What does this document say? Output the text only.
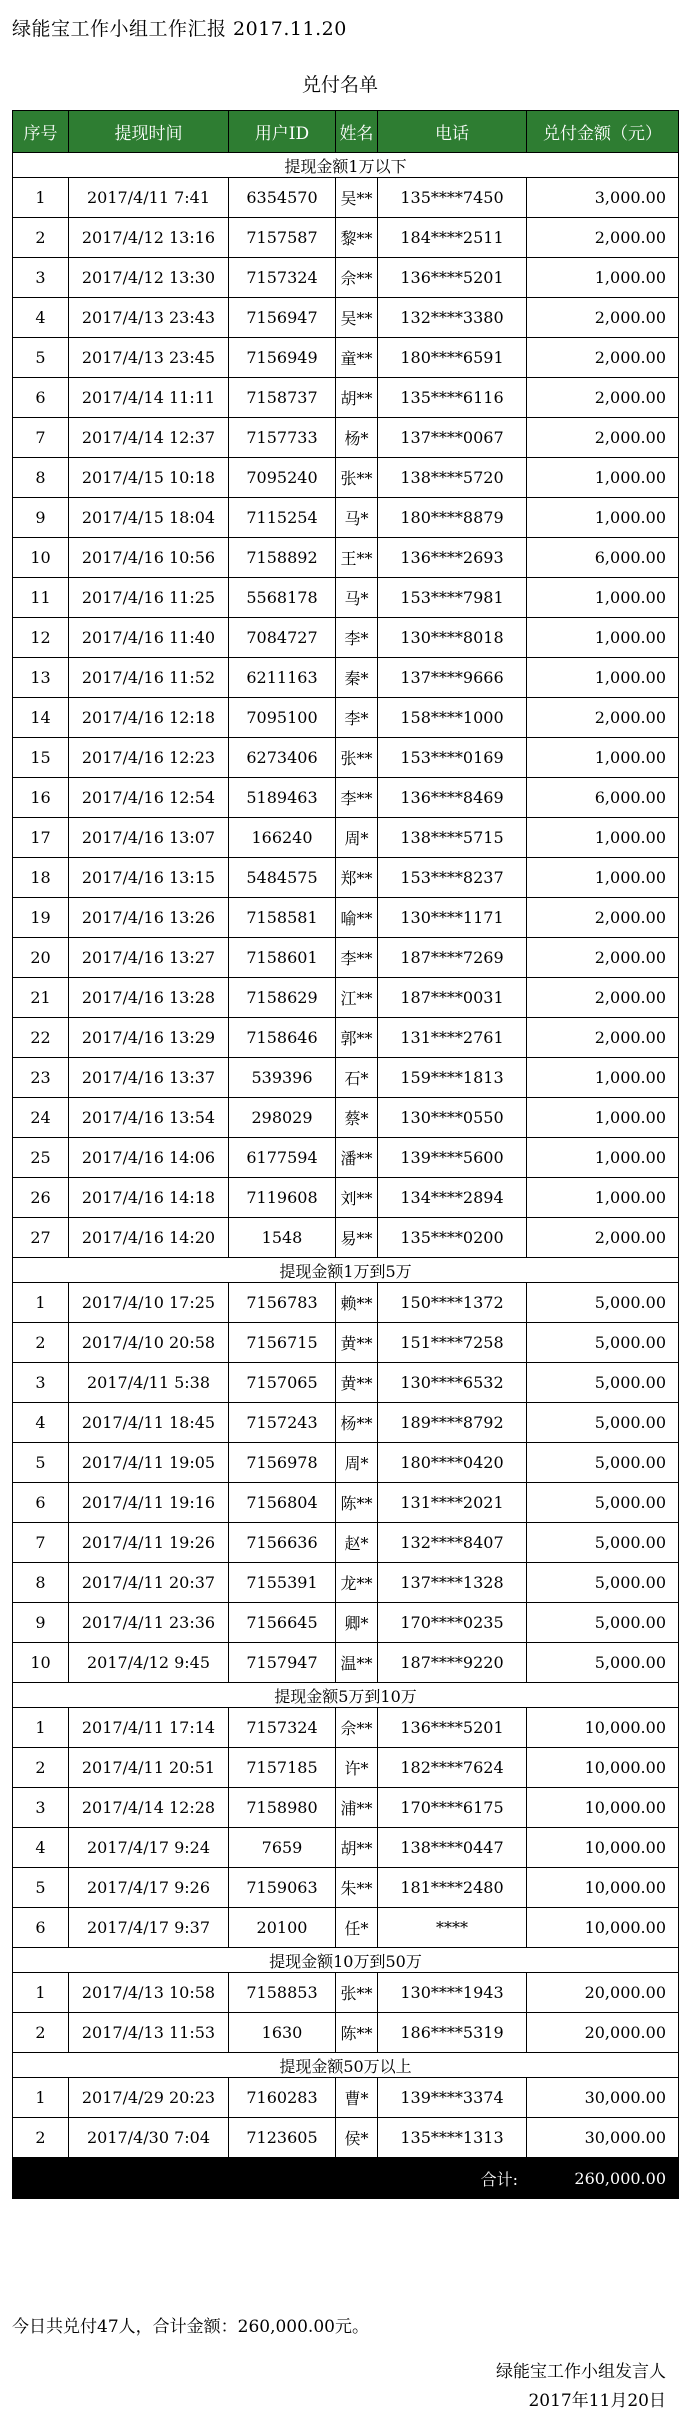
绿能宝工作小组工作汇报 2017.11.20
兑付名单
序号	提现时间	用户ID	姓名	电话	兑付金额（元）
提现金额1万以下					
1	2017/4/11 7:41	6354570	吴**	135****7450	3,000.00
2	2017/4/12 13:16	7157587	黎**	184****2511	2,000.00
3	2017/4/12 13:30	7157324	佘**	136****5201	1,000.00
4	2017/4/13 23:43	7156947	吴**	132****3380	2,000.00
5	2017/4/13 23:45	7156949	童**	180****6591	2,000.00
6	2017/4/14 11:11	7158737	胡**	135****6116	2,000.00
7	2017/4/14 12:37	7157733	杨*	137****0067	2,000.00
8	2017/4/15 10:18	7095240	张**	138****5720	1,000.00
9	2017/4/15 18:04	7115254	马*	180****8879	1,000.00
10	2017/4/16 10:56	7158892	王**	136****2693	6,000.00
11	2017/4/16 11:25	5568178	马*	153****7981	1,000.00
12	2017/4/16 11:40	7084727	李*	130****8018	1,000.00
13	2017/4/16 11:52	6211163	秦*	137****9666	1,000.00
14	2017/4/16 12:18	7095100	李*	158****1000	2,000.00
15	2017/4/16 12:23	6273406	张**	153****0169	1,000.00
16	2017/4/16 12:54	5189463	李**	136****8469	6,000.00
17	2017/4/16 13:07	166240	周*	138****5715	1,000.00
18	2017/4/16 13:15	5484575	郑**	153****8237	1,000.00
19	2017/4/16 13:26	7158581	喻**	130****1171	2,000.00
20	2017/4/16 13:27	7158601	李**	187****7269	2,000.00
21	2017/4/16 13:28	7158629	江**	187****0031	2,000.00
22	2017/4/16 13:29	7158646	郭**	131****2761	2,000.00
23	2017/4/16 13:37	539396	石*	159****1813	1,000.00
24	2017/4/16 13:54	298029	蔡*	130****0550	1,000.00
25	2017/4/16 14:06	6177594	潘**	139****5600	1,000.00
26	2017/4/16 14:18	7119608	刘**	134****2894	1,000.00
27	2017/4/16 14:20	1548	易**	135****0200	2,000.00
提现金额1万到5万					
1	2017/4/10 17:25	7156783	赖**	150****1372	5,000.00
2	2017/4/10 20:58	7156715	黄**	151****7258	5,000.00
3	2017/4/11 5:38	7157065	黄**	130****6532	5,000.00
4	2017/4/11 18:45	7157243	杨**	189****8792	5,000.00
5	2017/4/11 19:05	7156978	周*	180****0420	5,000.00
6	2017/4/11 19:16	7156804	陈**	131****2021	5,000.00
7	2017/4/11 19:26	7156636	赵*	132****8407	5,000.00
8	2017/4/11 20:37	7155391	龙**	137****1328	5,000.00
9	2017/4/11 23:36	7156645	卿*	170****0235	5,000.00
10	2017/4/12 9:45	7157947	温**	187****9220	5,000.00
提现金额5万到10万					
1	2017/4/11 17:14	7157324	佘**	136****5201	10,000.00
2	2017/4/11 20:51	7157185	许*	182****7624	10,000.00
3	2017/4/14 12:28	7158980	浦**	170****6175	10,000.00
4	2017/4/17 9:24	7659	胡**	138****0447	10,000.00
5	2017/4/17 9:26	7159063	朱**	181****2480	10,000.00
6	2017/4/17 9:37	20100	任*	****	10,000.00
提现金额10万到50万					
1	2017/4/13 10:58	7158853	张**	130****1943	20,000.00
2	2017/4/13 11:53	1630	陈**	186****5319	20,000.00
提现金额50万以上					
1	2017/4/29 20:23	7160283	曹*	139****3374	30,000.00
2	2017/4/30 7:04	7123605	侯*	135****1313	30,000.00
合计:					260,000.00
今日共兑付47人，合计金额：260,000.00元。
绿能宝工作小组发言人
2017年11月20日
